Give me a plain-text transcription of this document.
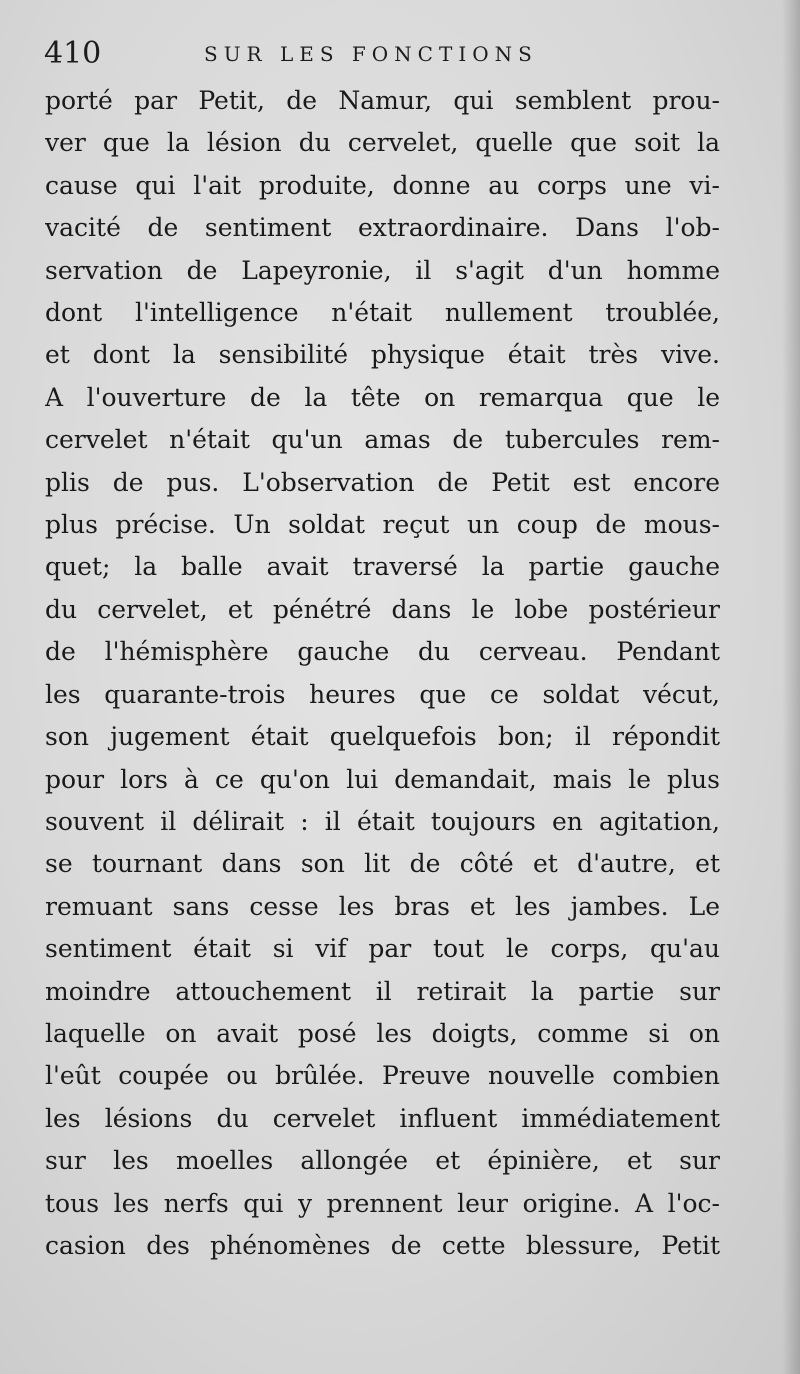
410	SUR LES FONCTIONS
porté par Petit, de Namur, qui semblent prou-
ver que la lésion du cervelet, quelle que soit la
cause qui l'ait produite, donne au corps une vi-
vacité de sentiment extraordinaire. Dans l'ob-
servation de Lapeyronie, il s'agit d'un homme
dont l'intelligence n'était nullement troublée,
et dont la sensibilité physique était très vive.
A l'ouverture de la tête on remarqua que le
cervelet n'était qu'un amas de tubercules rem-
plis de pus. L'observation de Petit est encore
plus précise. Un soldat reçut un coup de mous-
quet; la balle avait traversé la partie gauche
du cervelet, et pénétré dans le lobe postérieur
de l'hémisphère gauche du cerveau. Pendant
les quarante-trois heures que ce soldat vécut,
son jugement était quelquefois bon; il répondit
pour lors à ce qu'on lui demandait, mais le plus
souvent il délirait : il était toujours en agitation,
se tournant dans son lit de côté et d'autre, et
remuant sans cesse les bras et les jambes. Le
sentiment était si vif par tout le corps, qu'au
moindre attouchement il retirait la partie sur
laquelle on avait posé les doigts, comme si on
l'eût coupée ou brûlée. Preuve nouvelle combien
les lésions du cervelet influent immédiatement
sur les moelles allongée et épinière, et sur
tous les nerfs qui y prennent leur origine. A l'oc-
casion des phénomènes de cette blessure, Petit
